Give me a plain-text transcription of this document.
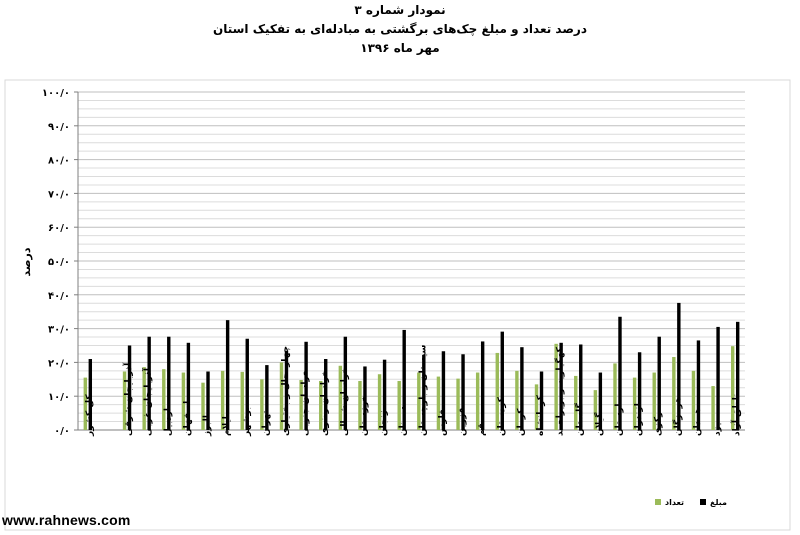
نمودار شماره ۳
درصد تعداد و مبلغ چک‌های برگشتی به مبادله‌ای به تفکیک استان
مهر ماه ۱۳۹۶
۰/۰
۱۰/۰
۲۰/۰
۳۰/۰
۴۰/۰
۵۰/۰
۶۰/۰
۷۰/۰
۸۰/۰
۹۰/۰
۱۰۰/۰
کل کشور	آذربایجان شرقی آذربایجان غربی اردبیل اصفهان البرز ایلام بوشهر تهران چهارمحال و بختیاری خراسان جنوبی خراسان رضوی خراسان شمالی خوزستان زنجان سمنان سیستان و بلوچستان فارس قزوین قم کردستان کرمان کرمانشاه کهگیلویه و بویراحمد گلستان گیلان لرستان مازندران مرکزی هرمزگان همدان یزد مناطق آزاد
درصد
مبلغ
تعداد
www.rahnews.com
